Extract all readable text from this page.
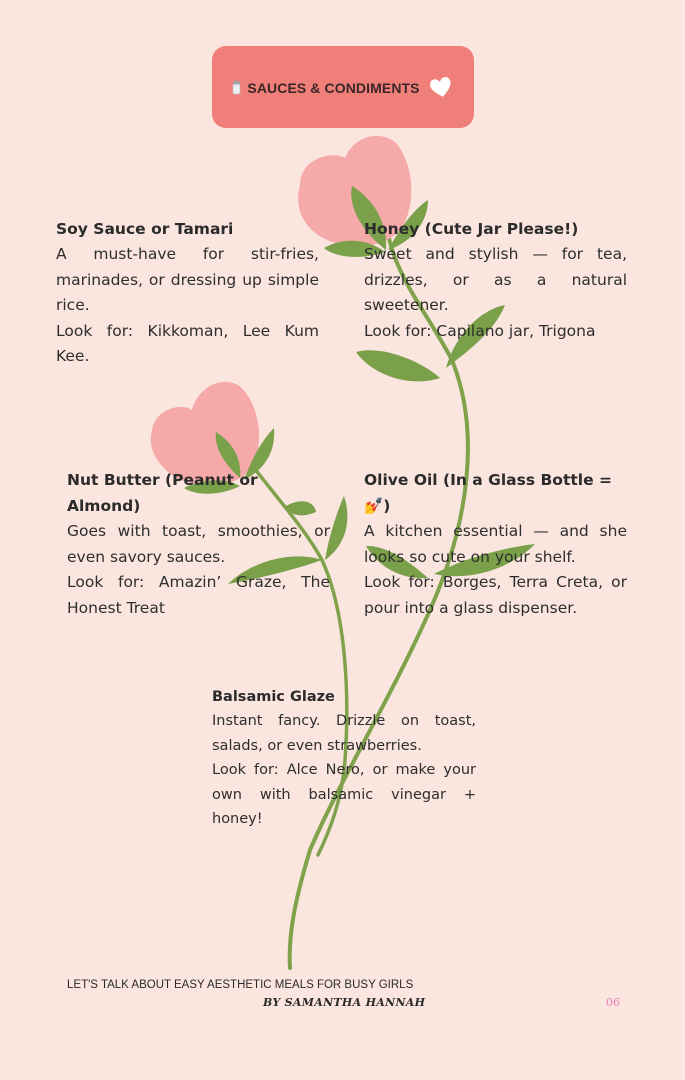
SAUCES & CONDIMENTS
Soy Sauce or Tamari

A must-have for stir-fries, marinades, or dressing up simple rice.

Look for: Kikkoman, Lee Kum Kee.

Honey (Cute Jar Please!)

Sweet and stylish — for tea, drizzles, or as a natural sweetener.

Look for: Capilano jar, Trigona

Nut Butter (Peanut or Almond)

Goes with toast, smoothies, or even savory sauces.

Look for: Amazin’ Graze, The Honest Treat

Olive Oil (In a Glass Bottle = 💅)

A kitchen essential — and she looks so cute on your shelf.

Look for: Borges, Terra Creta, or pour into a glass dispenser.

Balsamic Glaze

Instant fancy. Drizzle on toast, salads, or even strawberries.

Look for: Alce Nero, or make your own with balsamic vinegar + honey!

LET'S TALK ABOUT EASY AESTHETIC MEALS FOR BUSY GIRLS
BY SAMANTHA HANNAH	06
